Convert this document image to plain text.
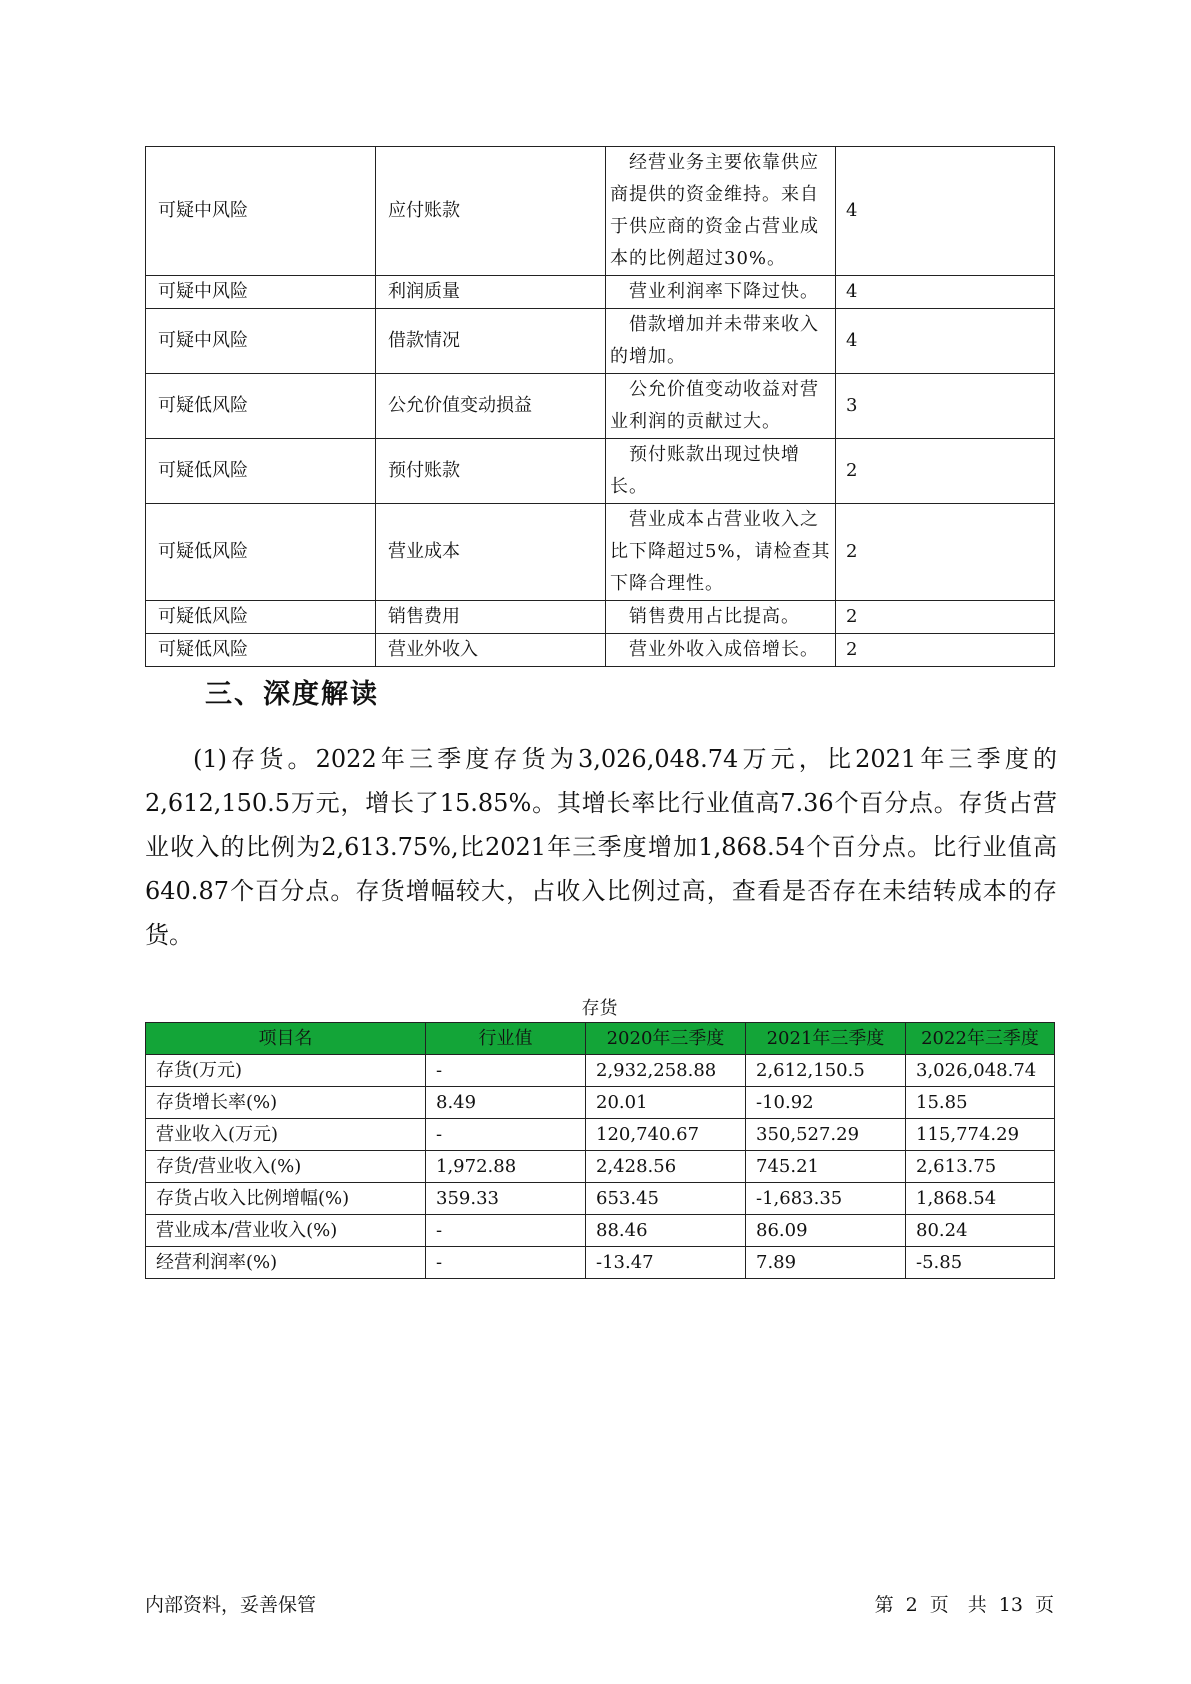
可疑中风险	应付账款	　经营业务主要依靠供应商提供的资金维持。来自于供应商的资金占营业成本的比例超过30%。	4
可疑中风险	利润质量	　营业利润率下降过快。	4
可疑中风险	借款情况	　借款增加并未带来收入的增加。	4
可疑低风险	公允价值变动损益	　公允价值变动收益对营业利润的贡献过大。	3
可疑低风险	预付账款	　预付账款出现过快增长。	2
可疑低风险	营业成本	　营业成本占营业收入之比下降超过5%，请检查其下降合理性。	2
可疑低风险	销售费用	　销售费用占比提高。	2
可疑低风险	营业外收入	　营业外收入成倍增长。	2
三、深度解读

(1)存货。2022年三季度存货为3,026,048.74万元，比2021年三季度的2,612,150.5万元，增长了15.85%。其增长率比行业值高7.36个百分点。存货占营业收入的比例为2,613.75%,比2021年三季度增加1,868.54个百分点。比行业值高640.87个百分点。存货增幅较大，占收入比例过高，查看是否存在未结转成本的存货。

存货
项目名	行业值	2020年三季度	2021年三季度	2022年三季度
存货(万元)	-	2,932,258.88	2,612,150.5	3,026,048.74
存货增长率(%)	8.49	20.01	-10.92	15.85
营业收入(万元)	-	120,740.67	350,527.29	115,774.29
存货/营业收入(%)	1,972.88	2,428.56	745.21	2,613.75
存货占收入比例增幅(%)	359.33	653.45	-1,683.35	1,868.54
营业成本/营业收入(%)	-	88.46	86.09	80.24
经营利润率(%)	-	-13.47	7.89	-5.85
内部资料，妥善保管	第 2 页　共 13 页
